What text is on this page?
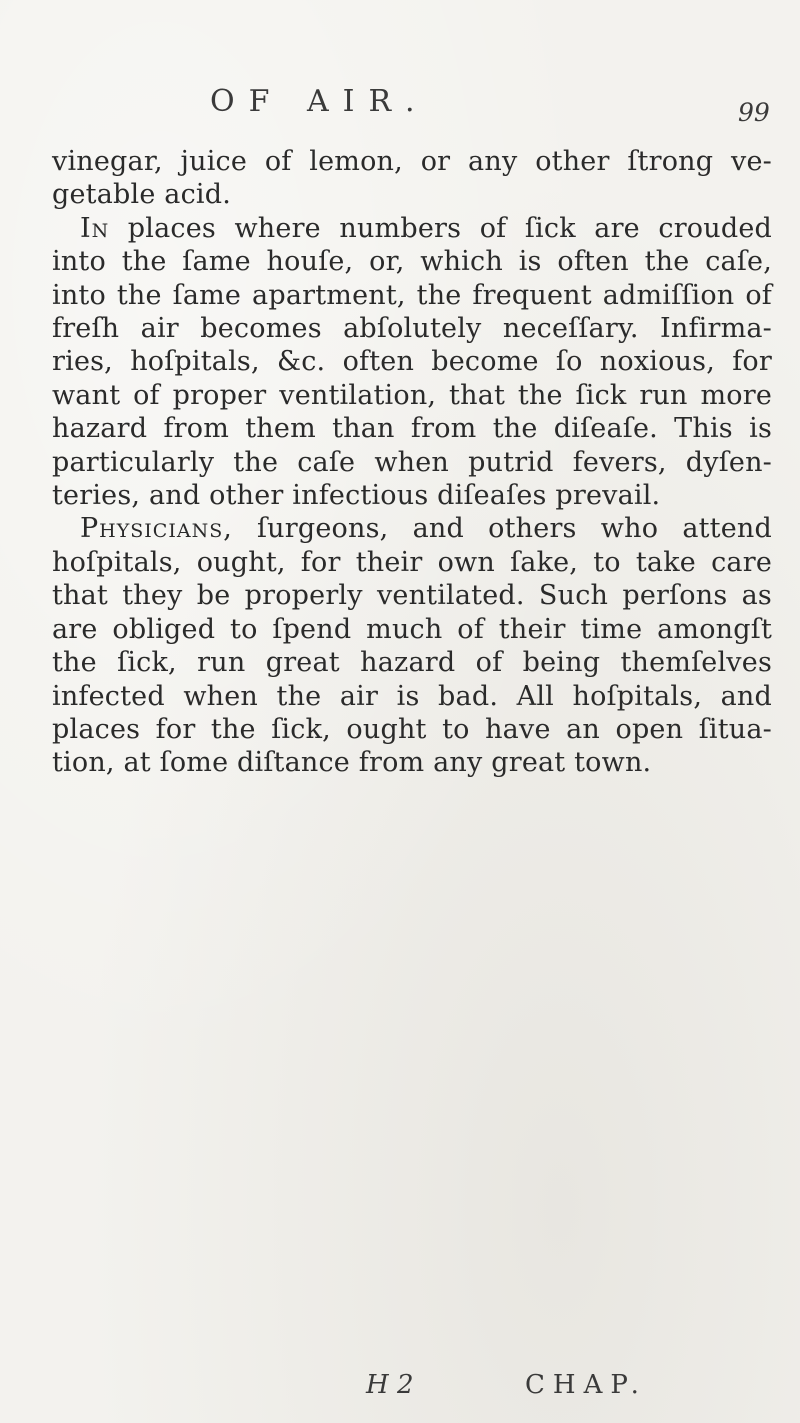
OF AIR.	99
vinegar, juice of lemon, or any other ſtrong ve-
getable acid.
In places where numbers of ſick are crouded
into the ſame houſe, or, which is often the caſe,
into the ſame apartment, the frequent admiſſion of
freſh air becomes abſolutely neceſſary. Infirma-
ries, hoſpitals, &c. often become ſo noxious, for
want of proper ventilation, that the ſick run more
hazard from them than from the diſeaſe. This is
particularly the caſe when putrid fevers, dyſen-
teries, and other infectious diſeaſes prevail.
Physicians, ſurgeons, and others who attend
hoſpitals, ought, for their own ſake, to take care
that they be properly ventilated. Such perſons as
are obliged to ſpend much of their time amongſt
the ſick, run great hazard of being themſelves
infected when the air is bad. All hoſpitals, and
places for the ſick, ought to have an open ſitua-
tion, at ſome diſtance from any great town.
H 2	CHAP.
